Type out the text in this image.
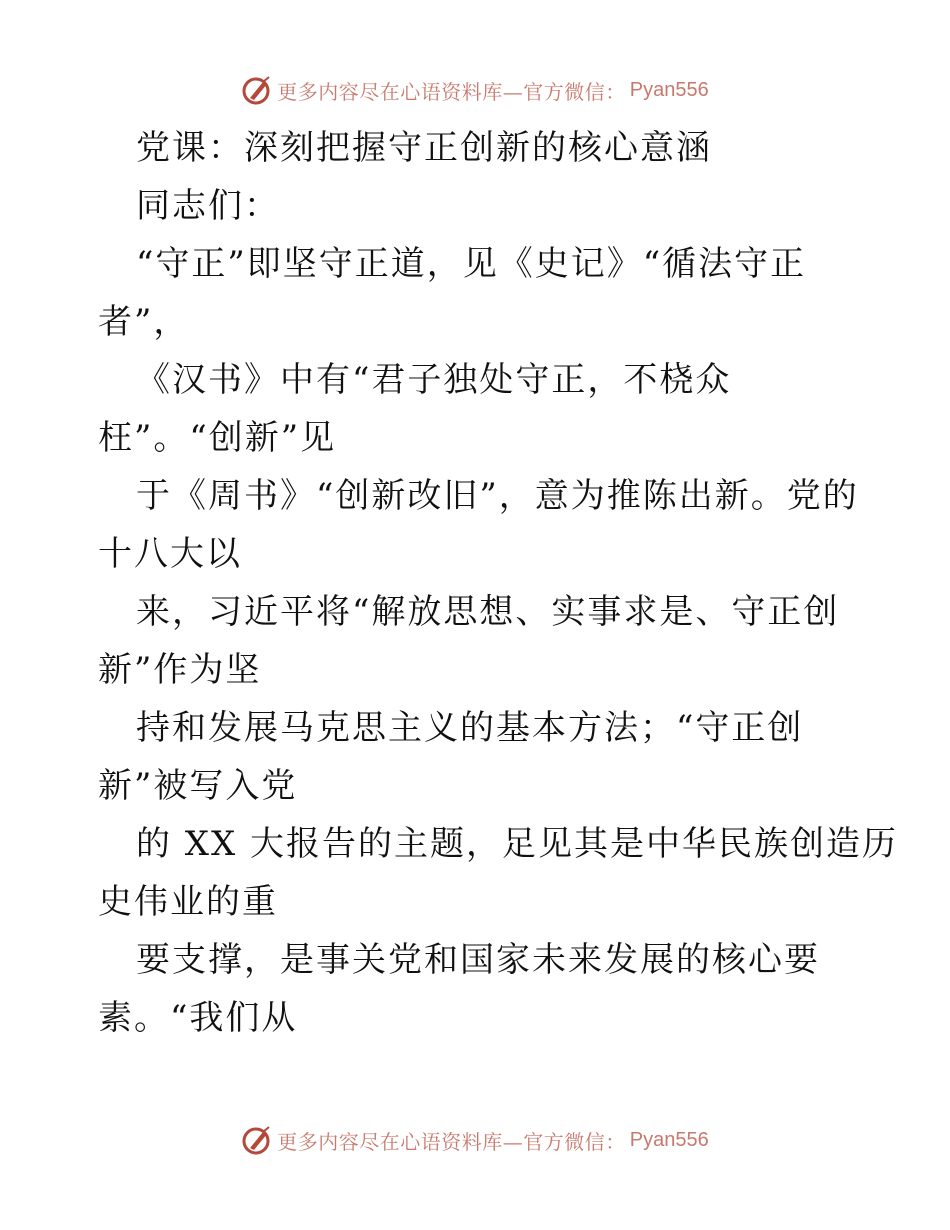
更多内容尽在心语资料库—官方微信： Pyan556
党课：深刻把握守正创新的核心意涵
同志们：
“守正”即坚守正道，见《史记》“循法守正
者”，
《汉书》中有“君子独处守正，不桡众
枉”。“创新”见
于《周书》“创新改旧”，意为推陈出新。党的
十八大以
来，习近平将“解放思想、实事求是、守正创
新”作为坚
持和发展马克思主义的基本方法；“守正创
新”被写入党
的 XX 大报告的主题，足见其是中华民族创造历
史伟业的重
要支撑，是事关党和国家未来发展的核心要
素。“我们从
更多内容尽在心语资料库—官方微信： Pyan556
